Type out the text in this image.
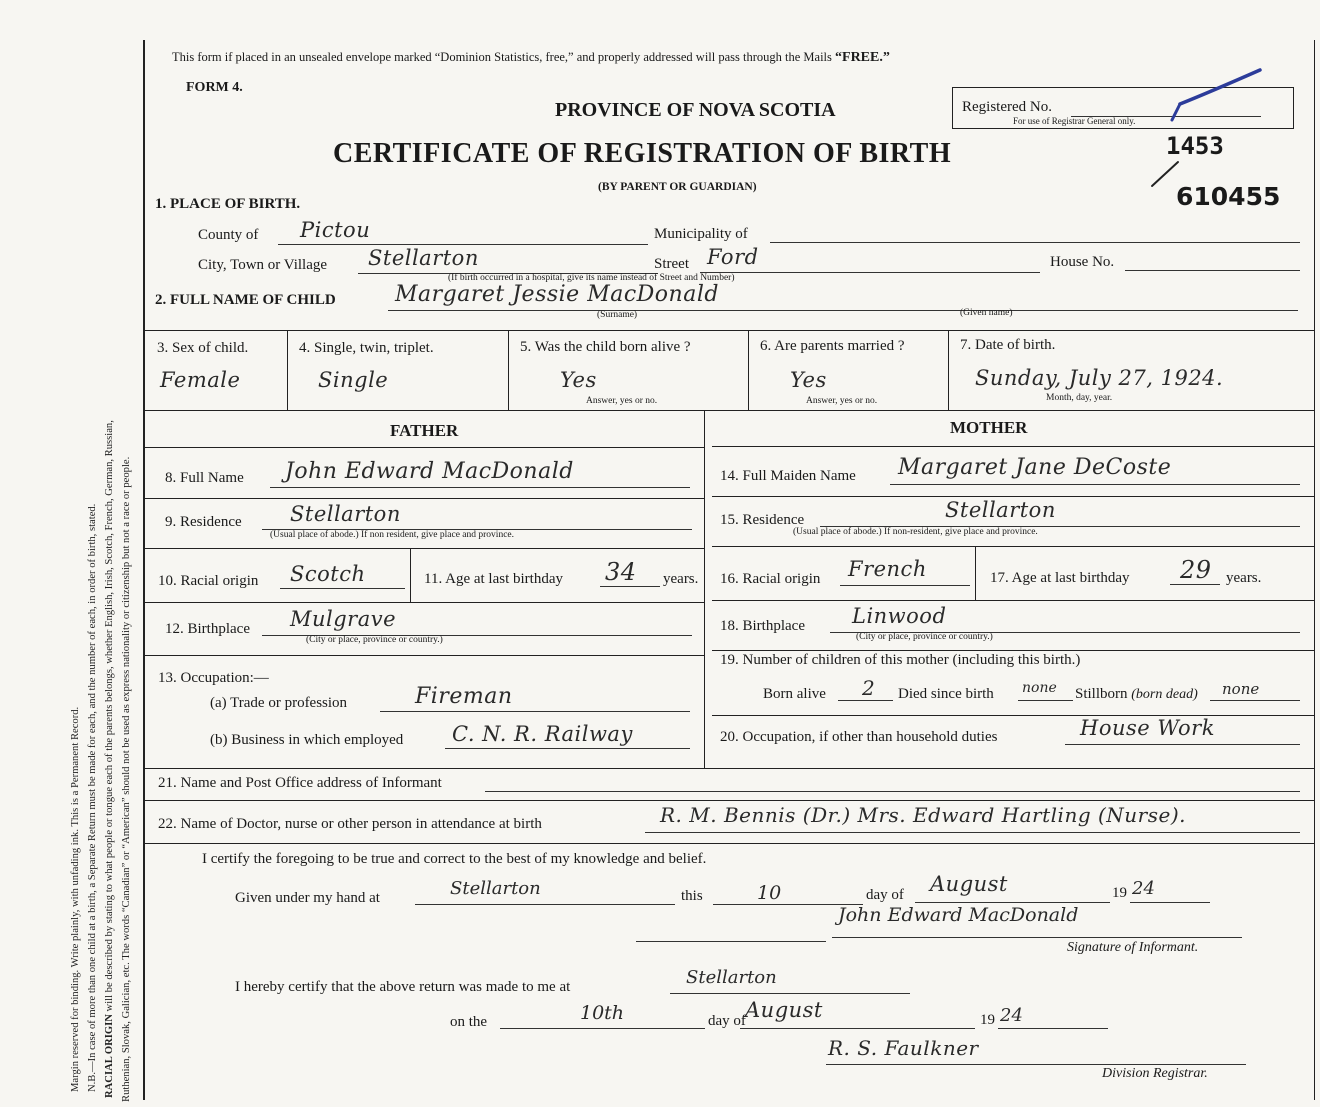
Margin reserved for binding. Write plainly, with unfading ink. This is a Permanent Record. N.B.—In case of more than one child at a birth, a Separate Return must be made for each, and the number of each, in order of birth, stated. RACIAL ORIGIN will be described by stating to what people or tongue each of the parents belongs, whether English, Irish, Scotch, French, German, Russian, Ruthenian, Slovak, Galician, etc. The words “Canadian” or “American” should not be used as express nationality or citizenship but not a race or people.
This form if placed in an unsealed envelope marked “Dominion Statistics, free,” and properly addressed will pass through the Mails “FREE.”
FORM 4.
PROVINCE OF NOVA SCOTIA
CERTIFICATE OF REGISTRATION OF BIRTH
(BY PARENT OR GUARDIAN)
Registered No.
For use of Registrar General only.
1453
610455
1. PLACE OF BIRTH.
County of Pictou	Municipality of
City, Town or Village Stellarton	Street Ford
(If birth occurred in a hospital, give its name instead of Street and Number)
House No.
2. FULL NAME OF CHILD	Margaret Jessie MacDonald
(Surname)	(Given name)
3. Sex of child.
Female
4. Single, twin, triplet.
Single
5. Was the child born alive ?
Yes
Answer, yes or no.
6. Are parents married ?
Yes
Answer, yes or no.
7. Date of birth.
Sunday, July 27, 1924.
Month, day, year.
FATHER	MOTHER
8. Full Name John Edward MacDonald
9. Residence Stellarton
(Usual place of abode.) If non resident, give place and province.
10. Racial origin Scotch	11. Age at last birthday 34 years.
12. Birthplace Mulgrave
(City or place, province or country.)
13. Occupation:—
(a) Trade or profession	Fireman
(b) Business in which employed C. N. R. Railway
14. Full Maiden Name Margaret Jane DeCoste
15. Residence	Stellarton
(Usual place of abode.) If non-resident, give place and province.
16. Racial origin French	17. Age at last birthday 29 years.
18. Birthplace Linwood
(City or place, province or country.)
19. Number of children of this mother (including this birth.)
Born alive 2 Died since birth none Stillborn (born dead) none
20. Occupation, if other than household duties	House Work
21. Name and Post Office address of Informant
22. Name of Doctor, nurse or other person in attendance at birth	R. M. Bennis (Dr.) Mrs. Edward Hartling (Nurse).
I certify the foregoing to be true and correct to the best of my knowledge and belief.
Given under my hand at	Stellarton	this	10	day of August	19 24
John Edward MacDonald
Signature of Informant.
I hereby certify that the above return was made to me at	Stellarton
on the	10th	day of August	19 24
R. S. Faulkner
Division Registrar.
